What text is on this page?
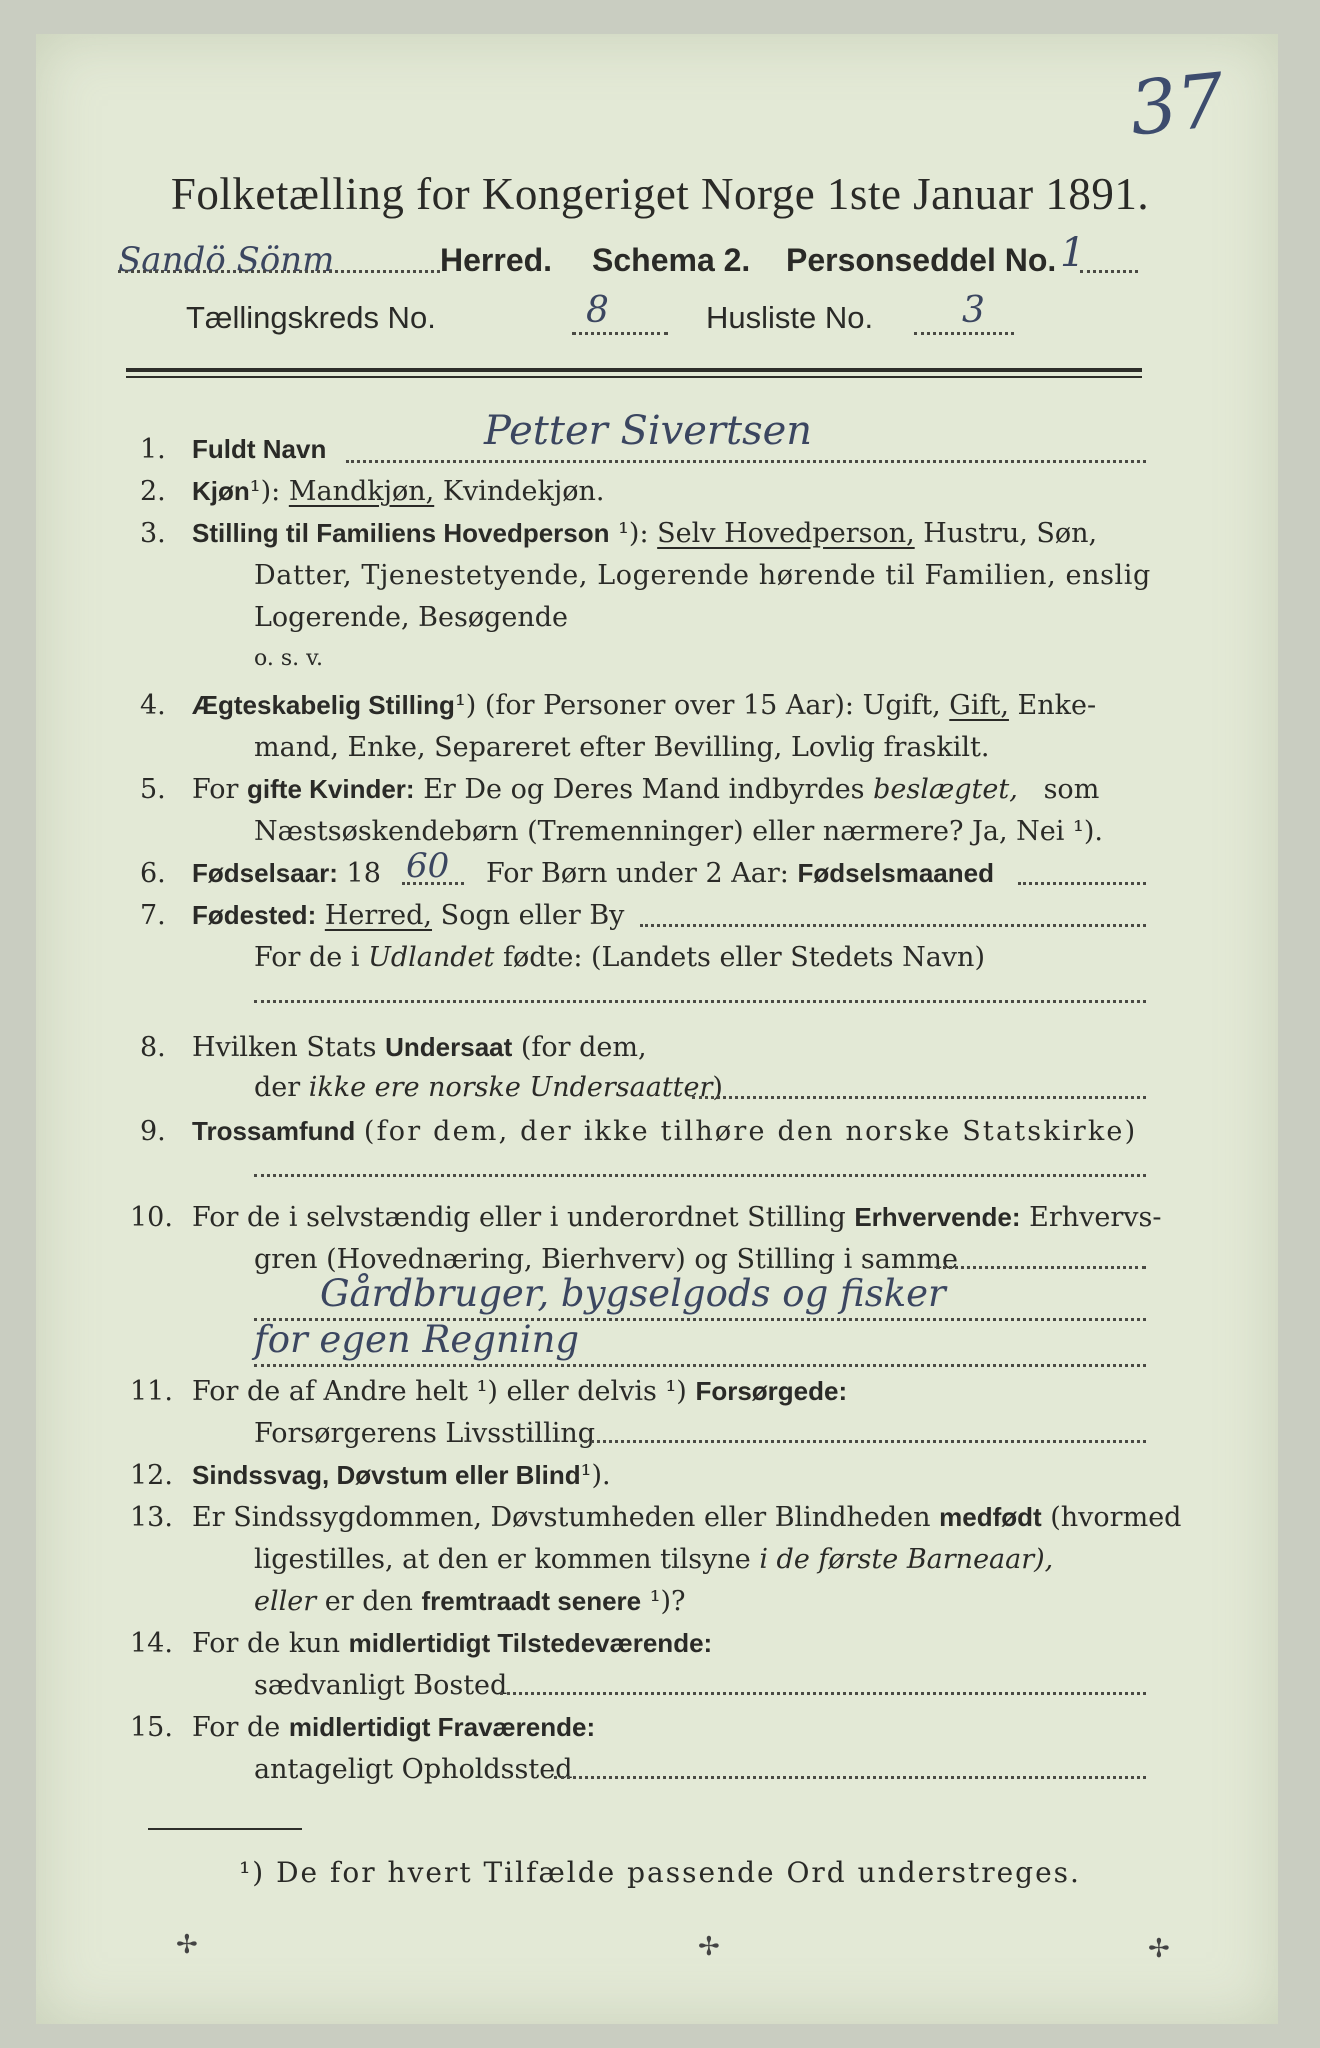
37
Folketælling for Kongeriget Norge 1ste Januar 1891.
Sandö Sönm	Herred. Schema 2. Personseddel No. 1
Tællingskreds No.	8	Husliste No. 3
1. Fuldt Navn	Petter Sivertsen
2. Kjøn¹): Mandkjøn, Kvindekjøn.
3. Stilling til Familiens Hovedperson ¹): Selv Hovedperson, Hustru, Søn,
Datter, Tjenestetyende, Logerende hørende til Familien, enslig
Logerende, Besøgende
o. s. v.
4. Ægteskabelig Stilling¹) (for Personer over 15 Aar): Ugift, Gift, Enke-
mand, Enke, Separeret efter Bevilling, Lovlig fraskilt.
5. For gifte Kvinder: Er De og Deres Mand indbyrdes beslægtet, som
Næstsøskendebørn (Tremenninger) eller nærmere? Ja, Nei ¹).
6. Fødselsaar: 18 60 For Børn under 2 Aar: Fødselsmaaned
7. Fødested: Herred, Sogn eller By
For de i Udlandet fødte: (Landets eller Stedets Navn)
8. Hvilken Stats Undersaat (for dem,
der ikke ere norske Undersaatter)
9. Trossamfund (for dem, der ikke tilhøre den norske Statskirke)
10. For de i selvstændig eller i underordnet Stilling Erhvervende: Erhvervs-
gren (Hovednæring, Bierhverv) og Stilling i samme
Gårdbruger, bygselgods og fisker
for egen Regning
11. For de af Andre helt ¹) eller delvis ¹) Forsørgede:
Forsørgerens Livsstilling
12. Sindssvag, Døvstum eller Blind¹).
13. Er Sindssygdommen, Døvstumheden eller Blindheden medfødt (hvormed
ligestilles, at den er kommen tilsyne i de første Barneaar),
eller er den fremtraadt senere ¹)?
14. For de kun midlertidigt Tilstedeværende:
sædvanligt Bosted
15. For de midlertidigt Fraværende:
antageligt Opholdssted
¹) De for hvert Tilfælde passende Ord understreges.
✢	✢	✢
